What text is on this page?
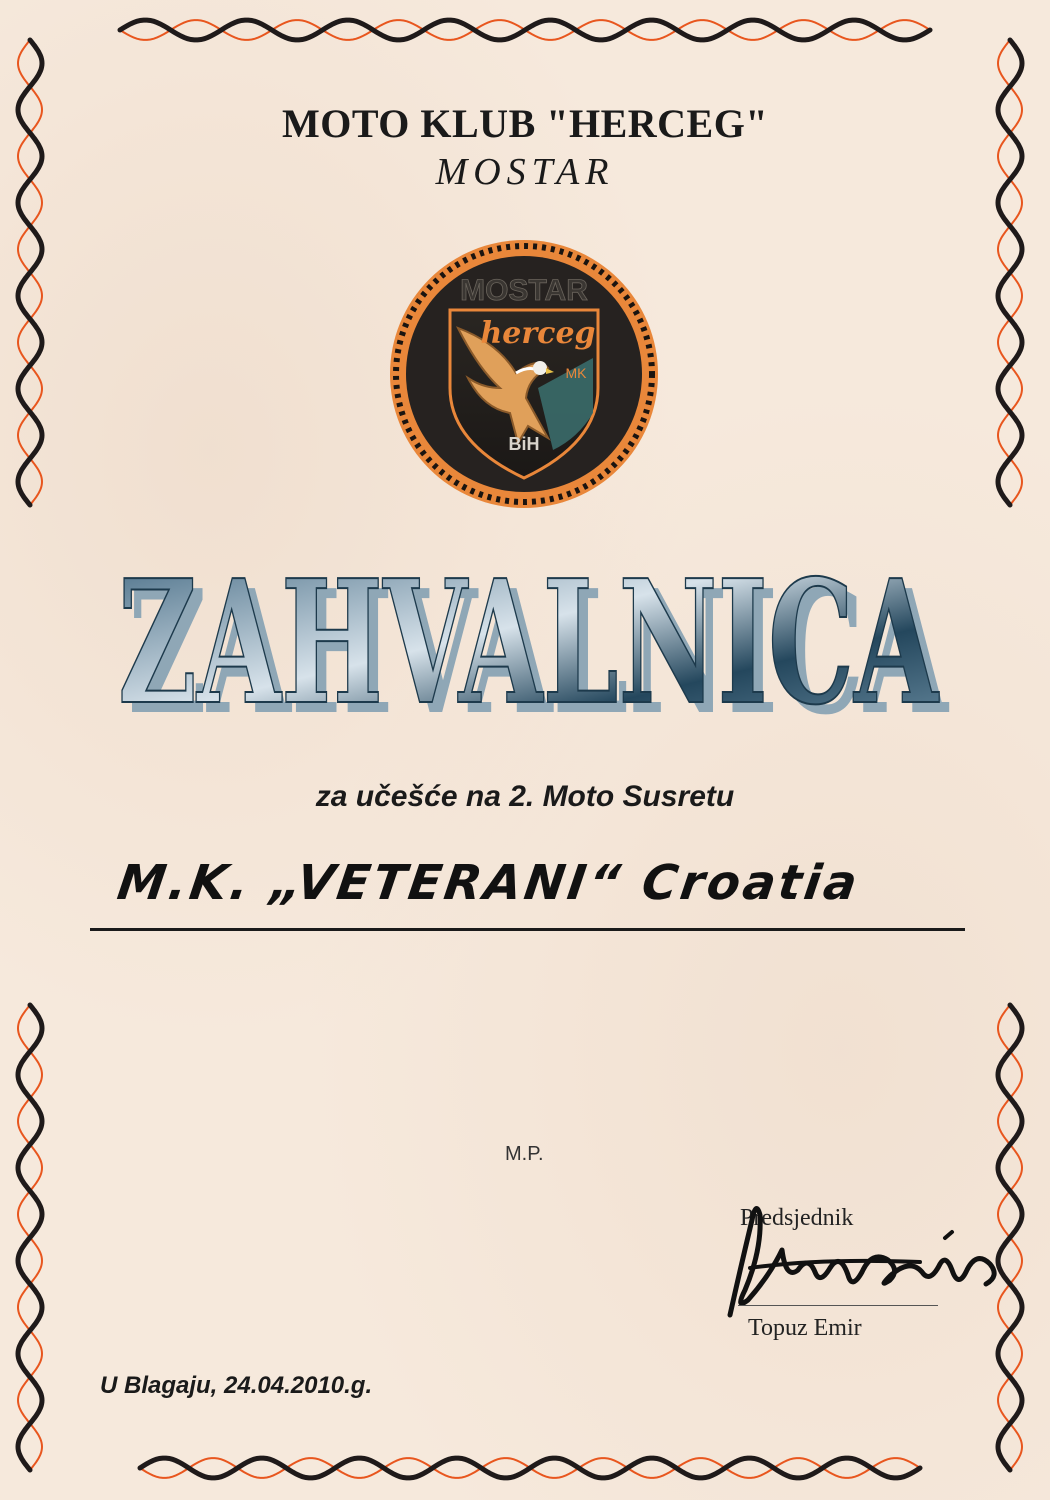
MOTO KLUB "HERCEG"
MOSTAR
MOSTAR
herceg
MK
BiH
ZAHVALNICA
ZAHVALNICA
za učešće na 2. Moto Susretu
M.K. „VETERANI“ Croatia
M.P.
Predsjednik
Topuz Emir
U Blagaju, 24.04.2010.g.
